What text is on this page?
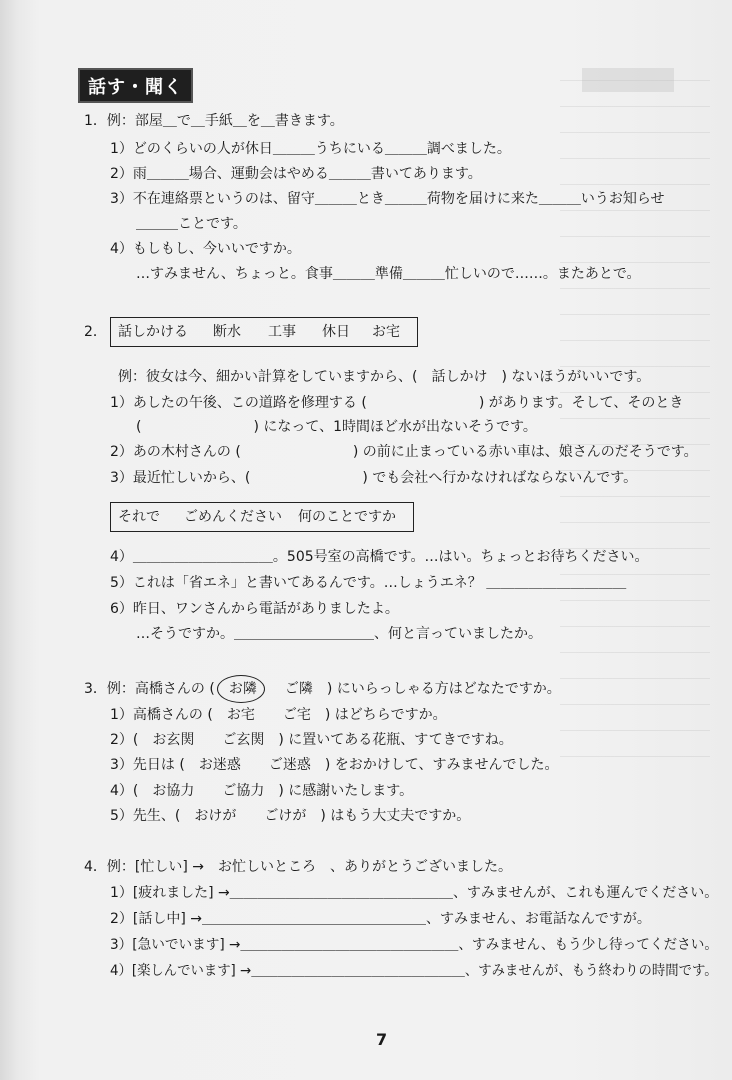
話す・聞く
1．例：部屋＿で＿手紙＿を＿書きます。
1）どのくらいの人が休日＿＿＿うちにいる＿＿＿調べました。
2）雨＿＿＿場合、運動会はやめる＿＿＿書いてあります。
3）不在連絡票というのは、留守＿＿＿とき＿＿＿荷物を届けに来た＿＿＿いうお知らせ
＿＿＿ことです。
4）もしもし、今いいですか。
…すみません、ちょっと。食事＿＿＿準備＿＿＿忙しいので……。またあとで。
2． 話しかける 断水 工事 休日 お宅
例：彼女は今、細かい計算をしていますから、(　話しかけ　) ないほうがいいです。
1）あしたの午後、この道路を修理する (　　　　　　　　) があります。そして、そのとき
(　　　　　　　　) になって、1時間ほど水が出ないそうです。
2）あの木村さんの (　　　　　　　　) の前に止まっている赤い車は、娘さんのだそうです。
3）最近忙しいから、(　　　　　　　　) でも会社へ行かなければならないんです。
それで ごめんください 何のことですか
4）＿＿＿＿＿＿＿＿＿＿。505号室の高橋です。…はい。ちょっとお待ちください。
5）これは「省エネ」と書いてあるんです。…しょうエネ？ ＿＿＿＿＿＿＿＿＿＿
6）昨日、ワンさんから電話がありましたよ。
…そうですか。＿＿＿＿＿＿＿＿＿＿、何と言っていましたか。
3．例：高橋さんの (　お隣　　ご隣　) にいらっしゃる方はどなたですか。
1）高橋さんの (　お宅　　ご宅　) はどちらですか。
2）(　お玄関　　ご玄関　) に置いてある花瓶、すてきですね。
3）先日は (　お迷惑　　ご迷惑　) をおかけして、すみませんでした。
4）(　お協力　　ご協力　) に感謝いたします。
5）先生、(　おけが　　ごけが　) はもう大丈夫ですか。
4．例：[忙しい] →　お忙しいところ　、ありがとうございました。
1）[疲れました] →＿＿＿＿＿＿＿＿＿＿＿＿＿＿＿＿、すみませんが、これも運んでください。
2）[話し中] →＿＿＿＿＿＿＿＿＿＿＿＿＿＿＿＿、すみません、お電話なんですが。
3）[急いでいます] →＿＿＿＿＿＿＿＿＿＿＿＿＿＿＿＿、すみません、もう少し待ってください。
4）[楽しんでいます] →＿＿＿＿＿＿＿＿＿＿＿＿＿＿＿＿、すみませんが、もう終わりの時間です。
7
